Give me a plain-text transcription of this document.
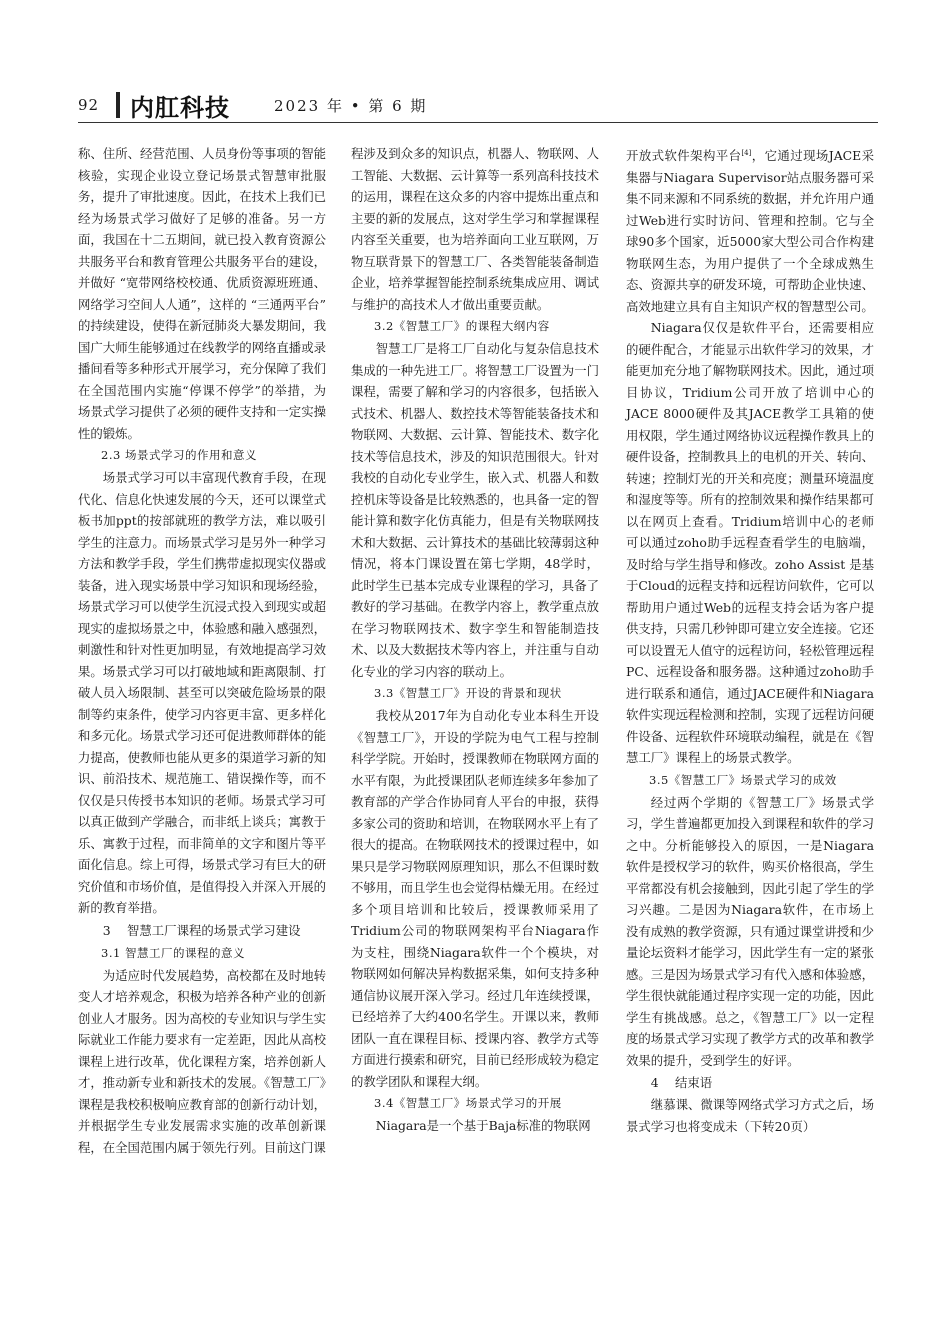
92 内肛科技	2023 年 • 第 6 期

称、住所、经营范围、人员身份等事项的智能核验，实现企业设立登记场景式智慧审批服务，提升了审批速度。因此，在技术上我们已经为场景式学习做好了足够的准备。另一方面，我国在十二五期间，就已投入教育资源公共服务平台和教育管理公共服务平台的建设，并做好 “宽带网络校校通、优质资源班班通、 网络学习空间人人通”，这样的 “三通两平台” 的持续建设，使得在新冠肺炎大暴发期间，我国广大师生能够通过在线教学的网络直播或录播间看等多种形式开展学习，充分保障了我们在全国范围内实施“停课不停学”的举措，为场景式学习提供了必须的硬件支持和一定实操性的锻炼。

2.3 场景式学习的作用和意义

场景式学习可以丰富现代教育手段，在现代化、信息化快速发展的今天，还可以课堂式板书加ppt的按部就班的教学方法，难以吸引学生的注意力。而场景式学习是另外一种学习方法和教学手段，学生们携带虚拟现实仪器或装备，进入现实场景中学习知识和现场经验，场景式学习可以使学生沉浸式投入到现实或超现实的虚拟场景之中，体验感和融入感强烈，刺激性和针对性更加明显，有效地提高学习效果。场景式学习可以打破地域和距离限制、打破人员入场限制、甚至可以突破危险场景的限制等约束条件，使学习内容更丰富、更多样化和多元化。场景式学习还可促进教师群体的能力提高，使教师也能从更多的渠道学习新的知识、前沿技术、规范施工、错误操作等，而不仅仅是只传授书本知识的老师。场景式学习可以真正做到产学融合，而非纸上谈兵；寓教于乐、寓教于过程，而非简单的文字和图片等平面化信息。综上可得，场景式学习有巨大的研究价值和市场价值，是值得投入并深入开展的新的教育举措。

3 　智慧工厂课程的场景式学习建设
3.1 智慧工厂的课程的意义

为适应时代发展趋势，高校都在及时地转变人才培养观念，积极为培养各种产业的创新创业人才服务。因为高校的专业知识与学生实际就业工作能力要求有一定差距，因此从高校课程上进行改革，优化课程方案，培养创新人才，推动新专业和新技术的发展。《智慧工厂》课程是我校积极响应教育部的创新行动计划，并根据学生专业发展需求实施的改革创新课程，在全国范围内属于领先行列。目前这门课

程涉及到众多的知识点，机器人、物联网、人工智能、大数据、云计算等一系列高科技技术的运用，课程在这众多的内容中提炼出重点和主要的新的发展点，这对学生学习和掌握课程内容至关重要，也为培养面向工业互联网，万物互联背景下的智慧工厂、各类智能装备制造企业，培养掌握智能控制系统集成应用、调试与维护的高技术人才做出重要贡献。

3.2《智慧工厂》的课程大纲内容

智慧工厂是将工厂自动化与复杂信息技术集成的一种先进工厂。将智慧工厂设置为一门课程，需要了解和学习的内容很多，包括嵌入式技术、机器人、数控技术等智能装备技术和物联网、大数据、云计算、智能技术、数字化技术等信息技术，涉及的知识范围很大。针对我校的自动化专业学生，嵌入式、机器人和数控机床等设备是比较熟悉的，也具备一定的智能计算和数字化仿真能力，但是有关物联网技术和大数据、云计算技术的基础比较薄弱这种情况，将本门课设置在第七学期，48学时，此时学生已基本完成专业课程的学习，具备了教好的学习基础。在教学内容上，教学重点放在学习物联网技术、数字孪生和智能制造技术、以及大数据技术等内容上，并注重与自动化专业的学习内容的联动上。

3.3《智慧工厂》开设的背景和现状

我校从2017年为自动化专业本科生开设《智慧工厂》，开设的学院为电气工程与控制科学学院。开始时，授课教师在物联网方面的水平有限，为此授课团队老师连续多年参加了教育部的产学合作协同育人平台的申报，获得多家公司的资助和培训，在物联网水平上有了很大的提高。在物联网技术的授课过程中，如果只是学习物联网原理知识，那么不但课时数不够用，而且学生也会觉得枯燥无用。在经过多个项目培训和比较后，授课教师采用了Tridium公司的物联网架构平台Niagara作为支柱，围绕Niagara软件一个个模块，对物联网如何解决异构数据采集，如何支持多种通信协议展开深入学习。经过几年连续授课，已经培养了大约400名学生。开课以来，教师团队一直在课程目标、授课内容、教学方式等方面进行摸索和研究，目前已经形成较为稳定的教学团队和课程大纲。

3.4《智慧工厂》场景式学习的开展

Niagara是一个基于Baja标准的物联网

开放式软件架构平台[4]，它通过现场JACE采集器与Niagara Supervisor站点服务器可采集不同来源和不同系统的数据，并允许用户通过Web进行实时访问、管理和控制。它与全球90多个国家，近5000家大型公司合作构建物联网生态，为用户提供了一个全球成熟生态、资源共享的研发环境，可帮助企业快速、高效地建立具有自主知识产权的智慧型公司。

Niagara仅仅是软件平台，还需要相应的硬件配合，才能显示出软件学习的效果，才能更加充分地了解物联网技术。因此，通过项目协议，Tridium公司开放了培训中心的JACE 8000硬件及其JACE教学工具箱的使用权限，学生通过网络协议远程操作教具上的硬件设备，控制教具上的电机的开关、转向、转速；控制灯光的开关和亮度；测量环境温度和湿度等等。所有的控制效果和操作结果都可以在网页上查看。Tridium培训中心的老师可以通过zoho助手远程查看学生的电脑端，及时给与学生指导和修改。zoho Assist 是基于Cloud的远程支持和远程访问软件，它可以帮助用户通过Web的远程支持会话为客户提供支持，只需几秒钟即可建立安全连接。它还可以设置无人值守的远程访问，轻松管理远程 PC、远程设备和服务器。这种通过zoho助手进行联系和通信，通过JACE硬件和Niagara软件实现远程检测和控制，实现了远程访问硬件设备、远程软件环境联动编程，就是在《智慧工厂》课程上的场景式教学。

3.5《智慧工厂》场景式学习的成效

经过两个学期的《智慧工厂》场景式学习，学生普遍都更加投入到课程和软件的学习之中。分析能够投入的原因，一是Niagara软件是授权学习的软件，购买价格很高，学生平常都没有机会接触到，因此引起了学生的学习兴趣。二是因为Niagara软件，在市场上没有成熟的教学资源，只有通过课堂讲授和少量论坛资料才能学习，因此学生有一定的紧张感。三是因为场景式学习有代入感和体验感，学生很快就能通过程序实现一定的功能，因此学生有挑战感。总之，《智慧工厂》以一定程度的场景式学习实现了教学方式的改革和教学效果的提升，受到学生的好评。

4 　结束语

继慕课、微课等网络式学习方式之后，场景式学习也将变成未（下转20页）
